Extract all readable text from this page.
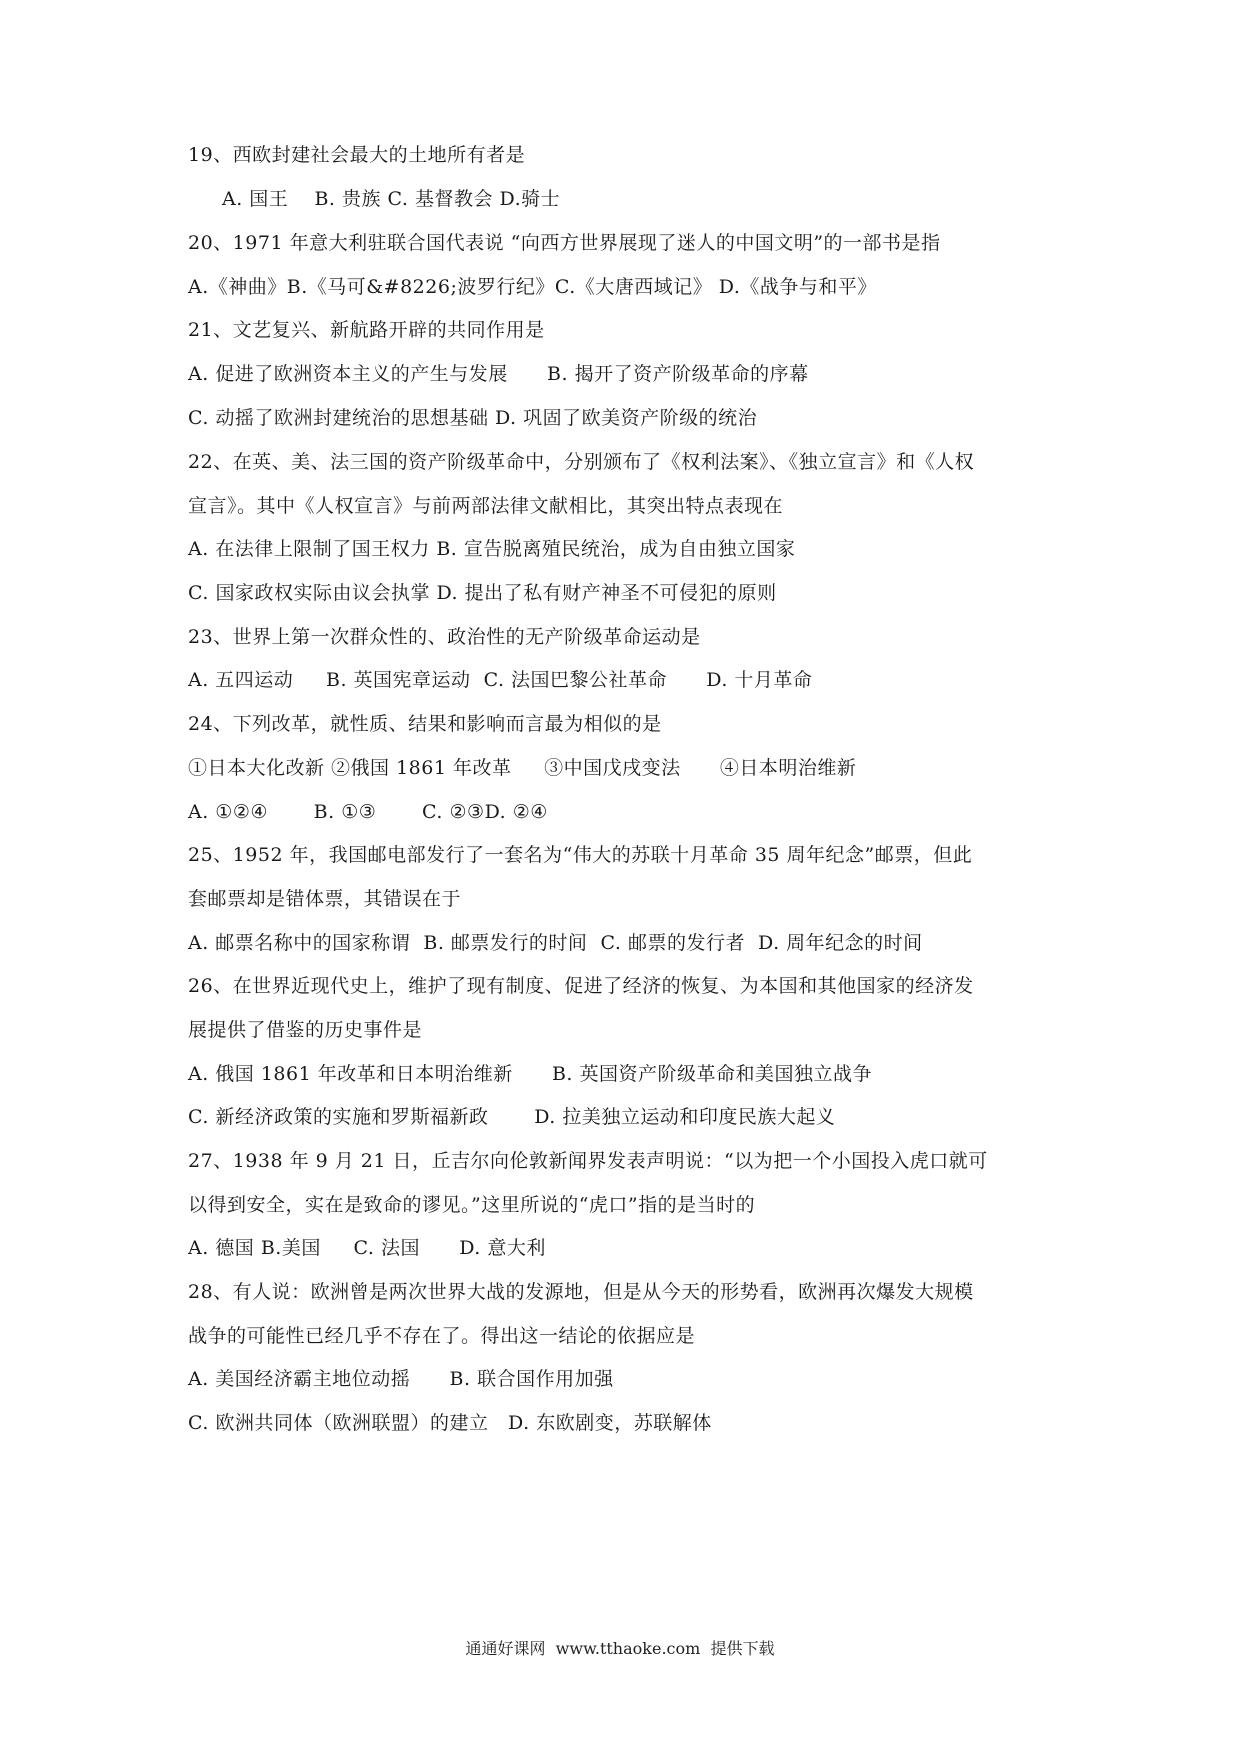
19、西欧封建社会最大的土地所有者是
A. 国王    B. 贵族 C. 基督教会 D.骑士
20、1971 年意大利驻联合国代表说 “向西方世界展现了迷人的中国文明”的一部书是指
A.《神曲》B.《马可&#8226;波罗行纪》C.《大唐西域记》 D.《战争与和平》
21、文艺复兴、新航路开辟的共同作用是
A. 促进了欧洲资本主义的产生与发展      B. 揭开了资产阶级革命的序幕
C. 动摇了欧洲封建统治的思想基础 D. 巩固了欧美资产阶级的统治
22、在英、美、法三国的资产阶级革命中，分别颁布了《权利法案》、《独立宣言》和《人权
宣言》。其中《人权宣言》与前两部法律文献相比，其突出特点表现在
A. 在法律上限制了国王权力 B. 宣告脱离殖民统治，成为自由独立国家
C. 国家政权实际由议会执掌 D. 提出了私有财产神圣不可侵犯的原则
23、世界上第一次群众性的、政治性的无产阶级革命运动是
A. 五四运动     B. 英国宪章运动  C. 法国巴黎公社革命      D. 十月革命
24、下列改革，就性质、结果和影响而言最为相似的是
①日本大化改新 ②俄国 1861 年改革     ③中国戊戌变法      ④日本明治维新
A. ①②④       B. ①③       C. ②③D. ②④
25、1952 年，我国邮电部发行了一套名为“伟大的苏联十月革命 35 周年纪念”邮票，但此
套邮票却是错体票，其错误在于
A. 邮票名称中的国家称谓  B. 邮票发行的时间  C. 邮票的发行者  D. 周年纪念的时间
26、在世界近现代史上，维护了现有制度、促进了经济的恢复、为本国和其他国家的经济发
展提供了借鉴的历史事件是
A. 俄国 1861 年改革和日本明治维新      B. 英国资产阶级革命和美国独立战争
C. 新经济政策的实施和罗斯福新政       D. 拉美独立运动和印度民族大起义
27、1938 年 9 月 21 日，丘吉尔向伦敦新闻界发表声明说：“以为把一个小国投入虎口就可
以得到安全，实在是致命的谬见。”这里所说的“虎口”指的是当时的
A. 德国 B.美国     C. 法国      D. 意大利
28、有人说：欧洲曾是两次世界大战的发源地，但是从今天的形势看，欧洲再次爆发大规模
战争的可能性已经几乎不存在了。得出这一结论的依据应是
A. 美国经济霸主地位动摇      B. 联合国作用加强
C. 欧洲共同体（欧洲联盟）的建立   D. 东欧剧变，苏联解体
通通好课网  www.tthaoke.com  提供下载
